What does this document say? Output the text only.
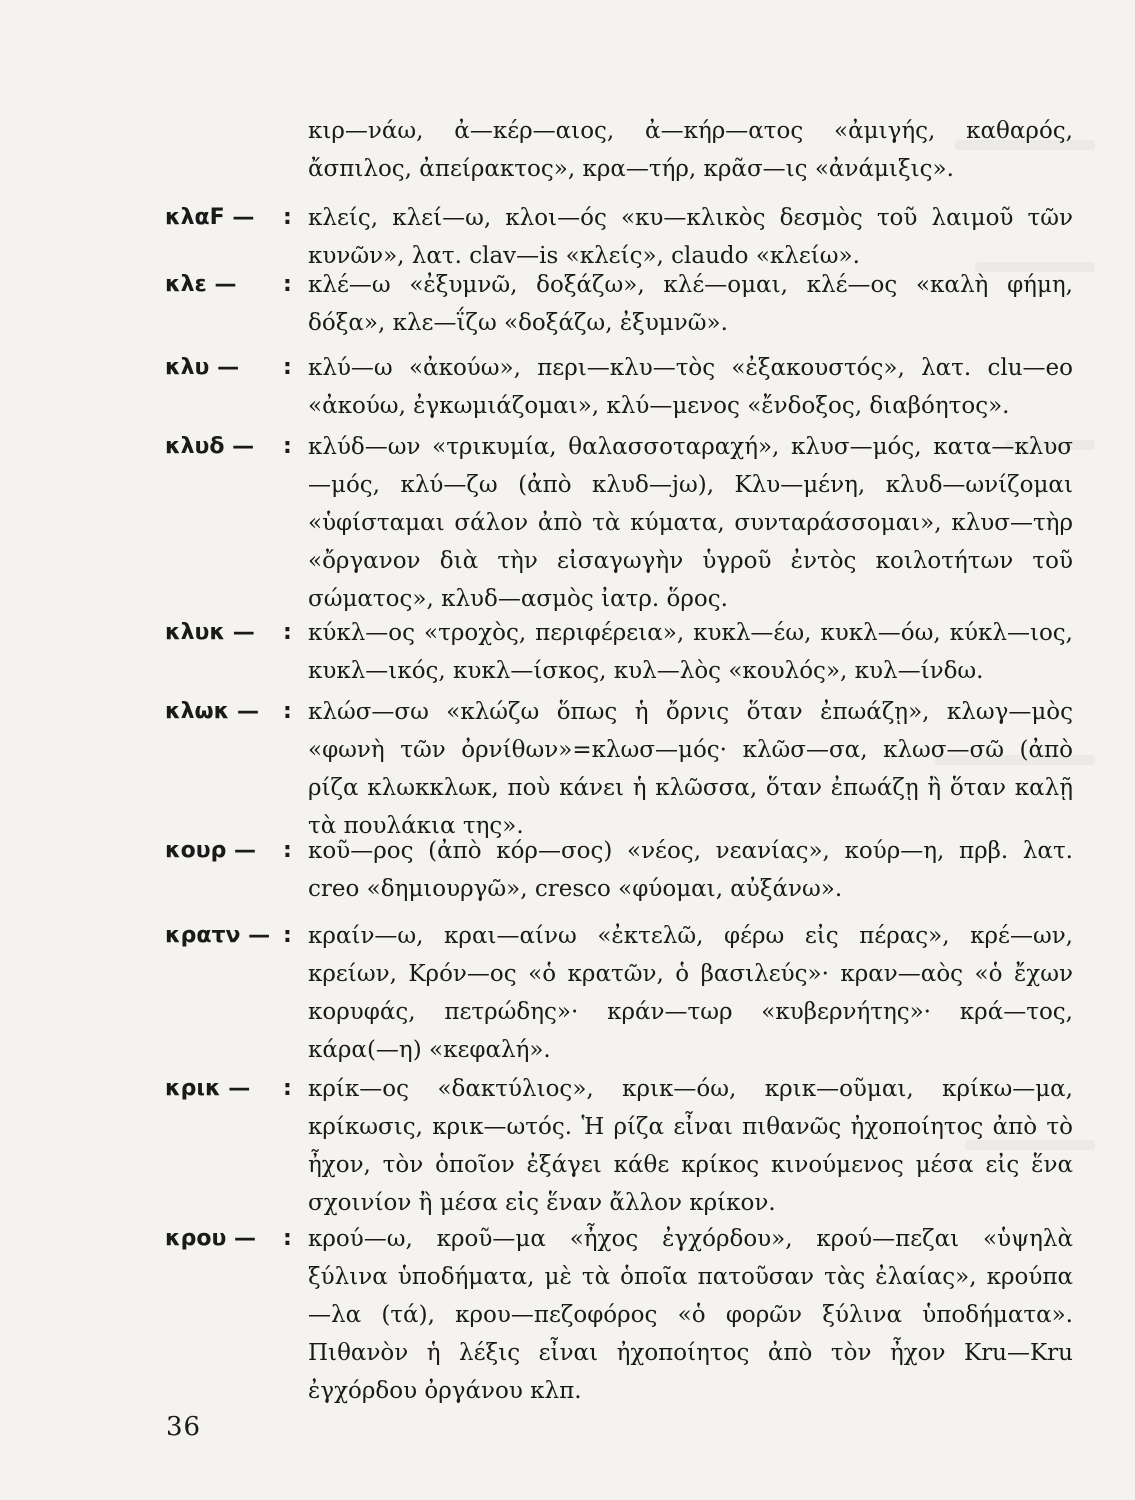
κιρ—νάω, ἀ—κέρ—αιος, ἀ—κήρ—ατος «ἀμιγής, καθαρός, ἄσπιλος, ἀπείρακτος», κρα—τήρ, κρᾶσ—ις «ἀνάμιξις».
κλαF —	: κλείς, κλεί—ω, κλοι—ός «κυ—κλικὸς δεσμὸς τοῦ λαιμοῦ τῶν κυνῶν», λατ. clav—is «κλείς», claudo «κλείω».
κλε —	: κλέ—ω «ἐξυμνῶ, δοξάζω», κλέ—ομαι, κλέ—ος «καλὴ φήμη, δόξα», κλε—ΐζω «δοξάζω, ἐξυμνῶ».
κλυ —	: κλύ—ω «ἀκούω», περι—κλυ—τὸς «ἐξακουστός», λατ. clu—eo «ἀκούω, ἐγκωμιάζομαι», κλύ—μενος «ἔνδοξος, διαβόητος».
κλυδ —	: κλύδ—ων «τρικυμία, θαλασσοταραχή», κλυσ—μός, κατα—κλυσ—μός, κλύ—ζω (ἀπὸ κλυδ—jω), Κλυ—μένη, κλυδ—ωνίζομαι «ὑφίσταμαι σάλον ἀπὸ τὰ κύματα, συνταράσσομαι», κλυσ—τὴρ «ὄργανον διὰ τὴν εἰσαγωγὴν ὑγροῦ ἐντὸς κοιλοτήτων τοῦ σώματος», κλυδ—ασμὸς ἰατρ. ὅρος.
κλυκ —	: κύκλ—ος «τροχὸς, περιφέρεια», κυκλ—έω, κυκλ—όω, κύκλ—ιος, κυκλ—ικός, κυκλ—ίσκος, κυλ—λὸς «κουλός», κυλ—ίνδω.
κλωκ —	: κλώσ—σω «κλώζω ὅπως ἡ ὄρνις ὅταν ἐπωάζῃ», κλωγ—μὸς «φωνὴ τῶν ὀρνίθων»=κλωσ—μός· κλῶσ—σα, κλωσ—σῶ (ἀπὸ ρίζα κλωκκλωκ, ποὺ κάνει ἡ κλῶσσα, ὅταν ἐπωάζῃ ἢ ὅταν καλῇ τὰ πουλάκια της».
κουρ —	: κοῦ—ρος (ἀπὸ κόρ—σος) «νέος, νεανίας», κούρ—η, πρβ. λατ. creo «δημιουργῶ», cresco «φύομαι, αὐξάνω».
κρατν — : κραίν—ω, κραι—αίνω «ἐκτελῶ, φέρω εἰς πέρας», κρέ—ων, κρείων, Κρόν—ος «ὁ κρατῶν, ὁ βασιλεύς»· κραν—αὸς «ὁ ἔχων κορυφάς, πετρώδης»· κράν—τωρ «κυβερνήτης»· κρά—τος, κάρα(—η) «κεφαλή».
κρικ —	: κρίκ—ος «δακτύλιος», κρικ—όω, κρικ—οῦμαι, κρίκω—μα, κρίκωσις, κρικ—ωτός. Ἡ ρίζα εἶναι πιθανῶς ἠχοποίητος ἀπὸ τὸ ἦχον, τὸν ὁποῖον ἐξάγει κάθε κρίκος κινούμενος μέσα εἰς ἕνα σχοινίον ἢ μέσα εἰς ἕναν ἄλλον κρίκον.
κρου —	: κρού—ω, κροῦ—μα «ἦχος ἐγχόρδου», κρού—πεζαι «ὑψηλὰ ξύλινα ὑποδήματα, μὲ τὰ ὁποῖα πατοῦσαν τὰς ἐλαίας», κρούπα—λα (τά), κρου—πεζοφόρος «ὁ φορῶν ξύλινα ὑποδήματα». Πιθανὸν ἡ λέξις εἶναι ἠχοποίητος ἀπὸ τὸν ἦχον Kru—Kru ἐγχόρδου ὀργάνου κλπ.
36
